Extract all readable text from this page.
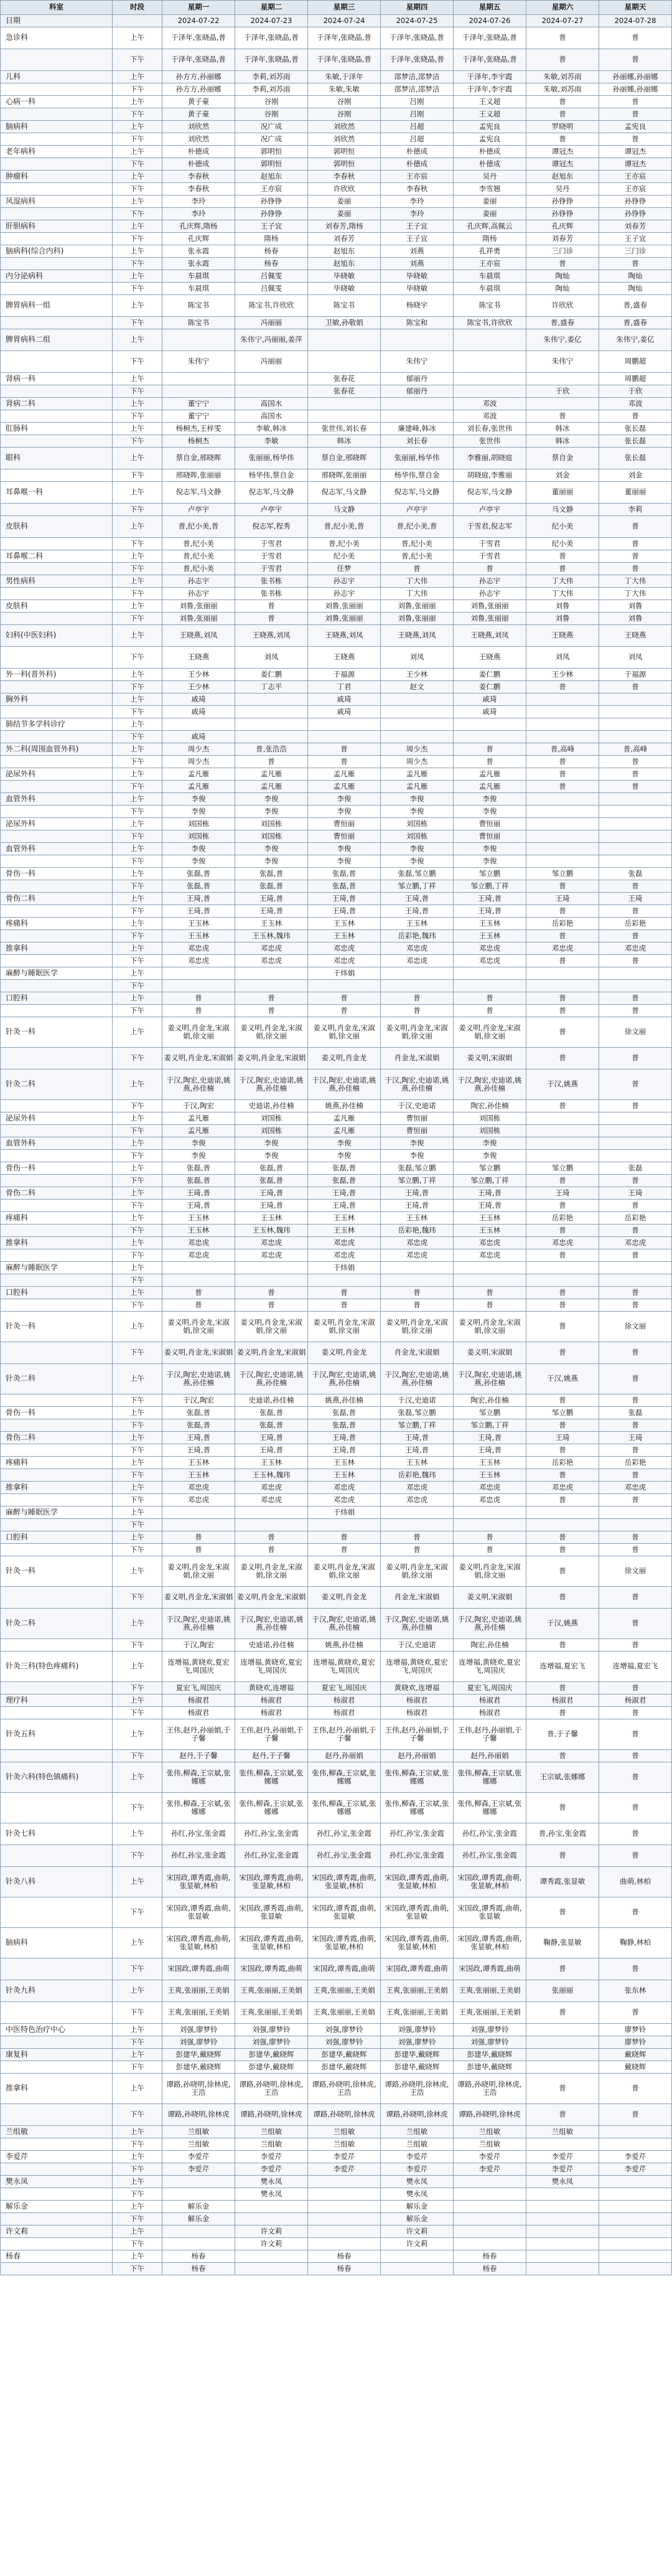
科室	时段	星期一	星期二	星期三	星期四	星期五	星期六	星期天
日期		2024-07-22	2024-07-23	2024-07-24	2024-07-25	2024-07-26	2024-07-27	2024-07-28
急诊科	上午	于泽年,张晓晶,普	于泽年,张晓晶,普	于泽年,张晓晶,普	于泽年,张晓晶,普	于泽年,张晓晶,普	普	普
	下午	于泽年,张晓晶,普	于泽年,张晓晶,普	于泽年,张晓晶,普	于泽年,张晓晶,普	于泽年,张晓晶,普	普	普
儿科	上午	孙方方,孙丽娜	李莉,刘苏雨	朱敏,于泽年	邵梦洁,邵梦洁	于泽年,李宇霞	朱敏,刘苏雨	孙丽娜,孙丽娜
	下午	孙方方,孙丽娜	李莉,刘苏雨	朱敏,朱敏	邵梦洁,邵梦洁	于泽年,李宇霞	朱敏,刘苏雨	孙丽娜,孙丽娜
心病一科	上午	黄子豪	谷刚	谷刚	吕刚	王义超	普	普
	下午	黄子豪	谷刚	谷刚	吕刚	王义超	普	普
脑病科	上午	刘欣然	况广成	刘欣然	吕超	孟宪良	罗晓明	孟宪良
	下午	刘欣然	况广成	刘欣然	吕超	孟宪良	普	普
老年病科	上午	朴德成	郭明恒	郭明恒	朴德成	朴德成	谭冠杰	谭冠杰
	下午	朴德成	郭明恒	郭明恒	朴德成	朴德成	谭冠杰	谭冠杰
肿瘤科	上午	李春秋	赵旭东	李春秋	王亦宸	吴丹	赵旭东	王亦宸
	下午	李春秋	王亦宸	许欣欣	李春秋	李雪翘	吴丹	王亦宸
风湿病科	上午	李玲	孙铮铮	姜丽	李玲	姜丽	孙铮铮	孙铮铮
	下午	李玲	孙铮铮	姜丽	李玲	姜丽	孙铮铮	孙铮铮
肝胆病科	上午	孔庆辉,隋杨	王子宜	刘春芳,隋杨	王子宜	孔庆辉,高佩云	孔庆辉	刘春芳
	下午	孔庆辉	隋杨	刘春芳	王子宜	隋杨	刘春芳	王子宜
脑病科(综合内科)	上午	张永霞	杨春	赵旭东	刘燕	孔祥勇	三门诊	三门诊
	下午	张永霞	杨春	赵旭东	刘燕	王亦宸	普	普
内分泌病科	上午	车晨琪	吕佩雯	毕晓敏	毕晓敏	车晨琪	陶灿	陶灿
	下午	车晨琪	吕佩雯	毕晓敏	毕晓敏	车晨琪	陶灿	陶灿
脾胃病科一组	上午	陈宝书	陈宝书,许欣欣	陈宝书	杨晓宇	陈宝书	许欣欣	普,盛春
	下午	陈宝书	冯丽丽	卫敏,孙敬娟	陈宝和	陈宝书,许欣欣	普,盛春	普,盛春
脾胃病科二组	上午		朱伟宁,冯丽丽,姜萍				朱伟宁,姜亿	朱伟宁,姜亿
	下午	朱伟宁	冯丽丽		朱伟宁		朱伟宁	周鹏超
肾病一科	上午			张春花	郁丽丹			周鹏超
	下午			张春花	郁丽丹		于欣	于欣
肾病二科	上午	董宁宁	高国水			邓波		邓波
	下午	董宁宁	高国水			邓波	普	普
肛肠科	上午	杨桐杰,王梓雯	李敏,韩冰	张世伟,刘长春	廉建峰,韩冰	刘长春,张世伟	韩冰	张长磊
	下午	杨桐杰	李敏	韩冰	刘长春	张世伟	韩冰	张长磊
眼科	上午	蔡自金,邢晓晖	张丽丽,杨华伟	蔡自金,邢晓晖	张丽丽,杨华伟	李雅丽,胡晓庭	蔡自金	张长磊
	下午	邢晓晖,张丽丽	杨华伟,蔡自金	邢晓晖,张丽丽	杨华伟,蔡自金	胡晓庭,李雅丽	刘金	刘金
耳鼻喉一科	上午	倪志军,马文静	倪志军,马文静	倪志军,马文静	倪志军,马文静	倪志军,马文静	董丽丽	董丽丽
	下午	卢亭宇	卢亭宇	马文静	卢亭宇	卢亭宇	马文静	李莉
皮肤科	上午	普,纪小美,普	倪志军,程秀	普,纪小美,普	普,纪小美,普	于雪君,倪志军	纪小美	普
	下午	普,纪小美	于雪君	普,纪小美	普,纪小美	于雪君	纪小美	普
耳鼻喉二科	上午	普,纪小美	于雪君	纪小美	普,纪小美	于雪君	普	普
	下午	普,纪小美	于雪君	任梦	普	普	普	普
男性病科	上午	孙志宇	张书栋	孙志宇	丁大伟	孙志宇	丁大伟	丁大伟
	下午	孙志宇	张书栋	孙志宇	丁大伟	孙志宇	丁大伟	丁大伟
皮肤科	上午	刘鲁,张丽丽	普	刘鲁,张丽丽	刘鲁,张丽丽	刘鲁,张丽丽	刘鲁	刘鲁
	下午	刘鲁,张丽丽	普	刘鲁,张丽丽	刘鲁,张丽丽	刘鲁,张丽丽	刘鲁	刘鲁
妇科(中医妇科)	上午	王晓燕,刘凤	王晓燕,刘凤	王晓燕,刘凤	王晓燕,刘凤	王晓燕,刘凤	王晓燕	王晓燕
	下午	王晓燕	刘凤	王晓燕	刘凤	王晓燕	刘凤	刘凤
外一科(普外科)	上午	王少林	姜仁鹏	于福源	王少林	姜仁鹏	王少林	于福源
	下午	王少林	丁志平	丁君	赵文	姜仁鹏	普	普
胸外科	上午	戚琦		戚琦		戚琦		
	下午	戚琦		戚琦		戚琦		
肺结节多学科诊疗	上午							
	下午	戚琦						
外二科(周围血管外科)	上午	周少杰	普,张浩浩	普	周少杰	普	普,高峰	普,高峰
	下午	周少杰	普	普	周少杰	普	普	普
泌尿外科	上午	孟凡雁	孟凡雁	孟凡雁	孟凡雁	孟凡雁	普	普
	下午	孟凡雁	孟凡雁	孟凡雁	孟凡雁	孟凡雁	普	普
血管外科	上午	李俊	李俊	李俊	李俊	李俊		
	下午	李俊	李俊	李俊	李俊	李俊		
泌尿外科	上午	刘国栋	刘国栋	曹恒丽	刘国栋	曹恒丽		
	下午	刘国栋	刘国栋	曹恒丽	刘国栋	曹恒丽		
血管外科	上午	李俊	李俊	李俊	李俊	李俊		
	下午	李俊	李俊	李俊	李俊	李俊		
骨伤一科	上午	张磊,普	张磊,普	张磊,普	张磊,邹立鹏	邹立鹏	邹立鹏	张磊
	下午	张磊,普	张磊,普	张磊,普	邹立鹏,丁祥	邹立鹏,丁祥	普	普
骨伤二科	上午	王琦,普	王琦,普	王琦,普	王琦,普	王琦,普	王琦	王琦
	下午	王琦,普	王琦,普	王琦,普	王琦,普	王琦,普	普	普
疼痛科	上午	王玉林	王玉林	王玉林	王玉林	王玉林	岳彩艳	岳彩艳
	下午	王玉林	王玉林,魏玮	王玉林	岳彩艳,魏玮	王玉林	普	普
推拿科	上午	邓忠虎	邓忠虎	邓忠虎	邓忠虎	邓忠虎	邓忠虎	邓忠虎
	下午	邓忠虎	邓忠虎	邓忠虎	邓忠虎	邓忠虎	普	普
麻醉与睡眠医学	上午			于炜娟				
	下午							
口腔科	上午	普	普	普	普	普	普	普
	下午	普	普	普	普	普	普	普
针灸一科	上午	姜义明,肖金龙,宋淑娟,徐文丽	姜义明,肖金龙,宋淑娟,徐文丽	姜义明,肖金龙,宋淑娟,徐文丽	姜义明,肖金龙,宋淑娟,徐文丽	姜义明,肖金龙,宋淑娟,徐文丽	普	徐文丽
	下午	姜义明,肖金龙,宋淑娟	姜义明,肖金龙,宋淑娟	姜义明,肖金龙	肖金龙,宋淑娟	姜义明,宋淑娟	普	普
针灸二科	上午	于汉,陶宏,史迪诺,姚燕,孙佳楠	于汉,陶宏,史迪诺,姚燕,孙佳楠	于汉,陶宏,史迪诺,姚燕,孙佳楠	于汉,陶宏,史迪诺,姚燕,孙佳楠	于汉,陶宏,史迪诺,姚燕,孙佳楠	于汉,姚燕	普
	下午	于汉,陶宏	史迪诺,孙佳楠	姚燕,孙佳楠	于汉,史迪诺	陶宏,孙佳楠	普	普
泌尿外科	上午	孟凡雁	刘国栋	孟凡雁	曹恒丽	刘国栋		
	下午	孟凡雁	刘国栋	孟凡雁	曹恒丽	刘国栋		
血管外科	上午	李俊	李俊	李俊	李俊	李俊		
	下午	李俊	李俊	李俊	李俊	李俊		
骨伤一科	上午	张磊,普	张磊,普	张磊,普	张磊,邹立鹏	邹立鹏	邹立鹏	张磊
	下午	张磊,普	张磊,普	张磊,普	邹立鹏,丁祥	邹立鹏,丁祥	普	普
骨伤二科	上午	王琦,普	王琦,普	王琦,普	王琦,普	王琦,普	王琦	王琦
	下午	王琦,普	王琦,普	王琦,普	王琦,普	王琦,普	普	普
疼痛科	上午	王玉林	王玉林	王玉林	王玉林	王玉林	岳彩艳	岳彩艳
	下午	王玉林	王玉林,魏玮	王玉林	岳彩艳,魏玮	王玉林	普	普
推拿科	上午	邓忠虎	邓忠虎	邓忠虎	邓忠虎	邓忠虎	邓忠虎	邓忠虎
	下午	邓忠虎	邓忠虎	邓忠虎	邓忠虎	邓忠虎	普	普
麻醉与睡眠医学	上午			于炜娟				
	下午							
口腔科	上午	普	普	普	普	普	普	普
	下午	普	普	普	普	普	普	普
针灸一科	上午	姜义明,肖金龙,宋淑娟,徐文丽	姜义明,肖金龙,宋淑娟,徐文丽	姜义明,肖金龙,宋淑娟,徐文丽	姜义明,肖金龙,宋淑娟,徐文丽	姜义明,肖金龙,宋淑娟,徐文丽	普	徐文丽
	下午	姜义明,肖金龙,宋淑娟	姜义明,肖金龙,宋淑娟	姜义明,肖金龙	肖金龙,宋淑娟	姜义明,宋淑娟	普	普
针灸二科	上午	于汉,陶宏,史迪诺,姚燕,孙佳楠	于汉,陶宏,史迪诺,姚燕,孙佳楠	于汉,陶宏,史迪诺,姚燕,孙佳楠	于汉,陶宏,史迪诺,姚燕,孙佳楠	于汉,陶宏,史迪诺,姚燕,孙佳楠	于汉,姚燕	普
	下午	于汉,陶宏	史迪诺,孙佳楠	姚燕,孙佳楠	于汉,史迪诺	陶宏,孙佳楠	普	普
骨伤一科	上午	张磊,普	张磊,普	张磊,普	张磊,邹立鹏	邹立鹏	邹立鹏	张磊
	下午	张磊,普	张磊,普	张磊,普	邹立鹏,丁祥	邹立鹏,丁祥	普	普
骨伤二科	上午	王琦,普	王琦,普	王琦,普	王琦,普	王琦,普	王琦	王琦
	下午	王琦,普	王琦,普	王琦,普	王琦,普	王琦,普	普	普
疼痛科	上午	王玉林	王玉林	王玉林	王玉林	王玉林	岳彩艳	岳彩艳
	下午	王玉林	王玉林,魏玮	王玉林	岳彩艳,魏玮	王玉林	普	普
推拿科	上午	邓忠虎	邓忠虎	邓忠虎	邓忠虎	邓忠虎	邓忠虎	邓忠虎
	下午	邓忠虎	邓忠虎	邓忠虎	邓忠虎	邓忠虎	普	普
麻醉与睡眠医学	上午			于炜娟				
	下午							
口腔科	上午	普	普	普	普	普	普	普
	下午	普	普	普	普	普	普	普
针灸一科	上午	姜义明,肖金龙,宋淑娟,徐文丽	姜义明,肖金龙,宋淑娟,徐文丽	姜义明,肖金龙,宋淑娟,徐文丽	姜义明,肖金龙,宋淑娟,徐文丽	姜义明,肖金龙,宋淑娟,徐文丽	普	徐文丽
	下午	姜义明,肖金龙,宋淑娟	姜义明,肖金龙,宋淑娟	姜义明,肖金龙	肖金龙,宋淑娟	姜义明,宋淑娟	普	普
针灸二科	上午	于汉,陶宏,史迪诺,姚燕,孙佳楠	于汉,陶宏,史迪诺,姚燕,孙佳楠	于汉,陶宏,史迪诺,姚燕,孙佳楠	于汉,陶宏,史迪诺,姚燕,孙佳楠	于汉,陶宏,史迪诺,姚燕,孙佳楠	于汉,姚燕	普
	下午	于汉,陶宏	史迪诺,孙佳楠	姚燕,孙佳楠	于汉,史迪诺	陶宏,孙佳楠	普	普
针灸三科(特色疼痛科)	上午	连增福,黄晓欢,夏宏飞,周国庆	连增福,黄晓欢,夏宏飞,周国庆	连增福,黄晓欢,夏宏飞,周国庆	连增福,黄晓欢,夏宏飞,周国庆	连增福,黄晓欢,夏宏飞,周国庆	连增福,夏宏飞	连增福,夏宏飞
	下午	夏宏飞,周国庆	黄晓欢,连增福	夏宏飞,周国庆	黄晓欢,连增福	夏宏飞,周国庆	普	普
理疗科	上午	杨淑君	杨淑君	杨淑君	杨淑君	杨淑君	杨淑君	杨淑君
	下午	杨淑君	杨淑君	杨淑君	杨淑君	杨淑君	普	普
针灸五科	上午	王伟,赵丹,孙丽娟,于子馨	王伟,赵丹,孙丽娟,于子馨	王伟,赵丹,孙丽娟,于子馨	王伟,赵丹,孙丽娟,于子馨	王伟,赵丹,孙丽娟,于子馨	普,于子馨	普
	下午	赵丹,于子馨	赵丹,于子馨	赵丹,孙丽娟	赵丹,孙丽娟	赵丹,孙丽娟	普	普
针灸六科(特色镇痛科)	上午	张伟,柳森,王宗斌,张娜娜	张伟,柳森,王宗斌,张娜娜	张伟,柳森,王宗斌,张娜娜	张伟,柳森,王宗斌,张娜娜	张伟,柳森,王宗斌,张娜娜	王宗斌,张娜娜	普
	下午	张伟,柳森,王宗斌,张娜娜	张伟,柳森,王宗斌,张娜娜	张伟,柳森,王宗斌,张娜娜	张伟,柳森,王宗斌,张娜娜	张伟,柳森,王宗斌,张娜娜	普	普
针灸七科	上午	孙红,孙宝,张金霞	孙红,孙宝,张金霞	孙红,孙宝,张金霞	孙红,孙宝,张金霞	孙红,孙宝,张金霞	普,孙宝,张金霞	普
	下午	孙红,孙宝,张金霞	孙红,孙宝,张金霞	孙红,孙宝,张金霞	孙红,孙宝,张金霞	孙红,孙宝,张金霞	普	普
针灸八科	上午	宋国政,谭秀霞,曲萌,张显敏,林柏	宋国政,谭秀霞,曲萌,张显敏,林柏	宋国政,谭秀霞,曲萌,张显敏,林柏	宋国政,谭秀霞,曲萌,张显敏,林柏	宋国政,谭秀霞,曲萌,张显敏,林柏	谭秀霞,张显敏	曲萌,林柏
	下午	宋国政,谭秀霞,曲萌,张显敏	宋国政,谭秀霞,曲萌,张显敏	宋国政,谭秀霞,曲萌,张显敏	宋国政,谭秀霞,曲萌,张显敏	宋国政,谭秀霞,曲萌,张显敏	普	普
脑病科	上午	宋国政,谭秀霞,曲萌,张显敏,林柏	宋国政,谭秀霞,曲萌,张显敏,林柏	宋国政,谭秀霞,曲萌,张显敏,林柏	宋国政,谭秀霞,曲萌,张显敏,林柏	宋国政,谭秀霞,曲萌,张显敏,林柏	鞠静,张显敏	鞠静,林柏
	下午	宋国政,谭秀霞,曲萌	宋国政,谭秀霞,曲萌	宋国政,谭秀霞,曲萌	宋国政,谭秀霞,曲萌	宋国政,谭秀霞,曲萌	普	普
针灸九科	上午	王爽,张丽丽,王美娟	王爽,张丽丽,王美娟	王爽,张丽丽,王美娟	王爽,张丽丽,王美娟	王爽,张丽丽,王美娟	张丽丽	张东林
	下午	王爽,张丽丽,王美娟	王爽,张丽丽,王美娟	王爽,张丽丽,王美娟	王爽,张丽丽,王美娟	王爽,张丽丽,王美娟	普	普
中医特色治疗中心	上午	刘强,廖梦铃	刘强,廖梦铃	刘强,廖梦铃	刘强,廖梦铃	刘强,廖梦铃		廖梦铃
	下午	刘强,廖梦铃	刘强,廖梦铃	刘强,廖梦铃	刘强,廖梦铃	刘强,廖梦铃		廖梦铃
康复科	上午	彭建华,戴晓辉	彭建华,戴晓辉	彭建华,戴晓辉	彭建华,戴晓辉	彭建华,戴晓辉		戴晓辉
	下午	彭建华,戴晓辉	彭建华,戴晓辉	彭建华,戴晓辉	彭建华,戴晓辉	彭建华,戴晓辉		戴晓辉
推拿科	上午	谭路,孙晓明,徐林虎,王浩	谭路,孙晓明,徐林虎,王浩	谭路,孙晓明,徐林虎,王浩	谭路,孙晓明,徐林虎,王浩	谭路,孙晓明,徐林虎,王浩	普	普
	下午	谭路,孙晓明,徐林虎	谭路,孙晓明,徐林虎	谭路,孙晓明,徐林虎	谭路,孙晓明,徐林虎	谭路,孙晓明,徐林虎	普	普
兰组敏	上午	兰组敏	兰组敏	兰组敏	兰组敏	兰组敏	兰组敏	
	下午	兰组敏	兰组敏	兰组敏	兰组敏	兰组敏		
李爱芹	上午	李爱芹	李爱芹	李爱芹	李爱芹	李爱芹	李爱芹	李爱芹
	下午	李爱芹	李爱芹	李爱芹	李爱芹	李爱芹	李爱芹	李爱芹
樊永凤	上午		樊永凤		樊永凤		樊永凤	
	下午		樊永凤		樊永凤			
解乐金	上午	解乐金			解乐金			
	下午	解乐金			解乐金			
许文莉	上午		许文莉		许文莉			
	下午		许文莉		许文莉			
杨春	上午	杨春		杨春		杨春		
	下午	杨春		杨春		杨春		
